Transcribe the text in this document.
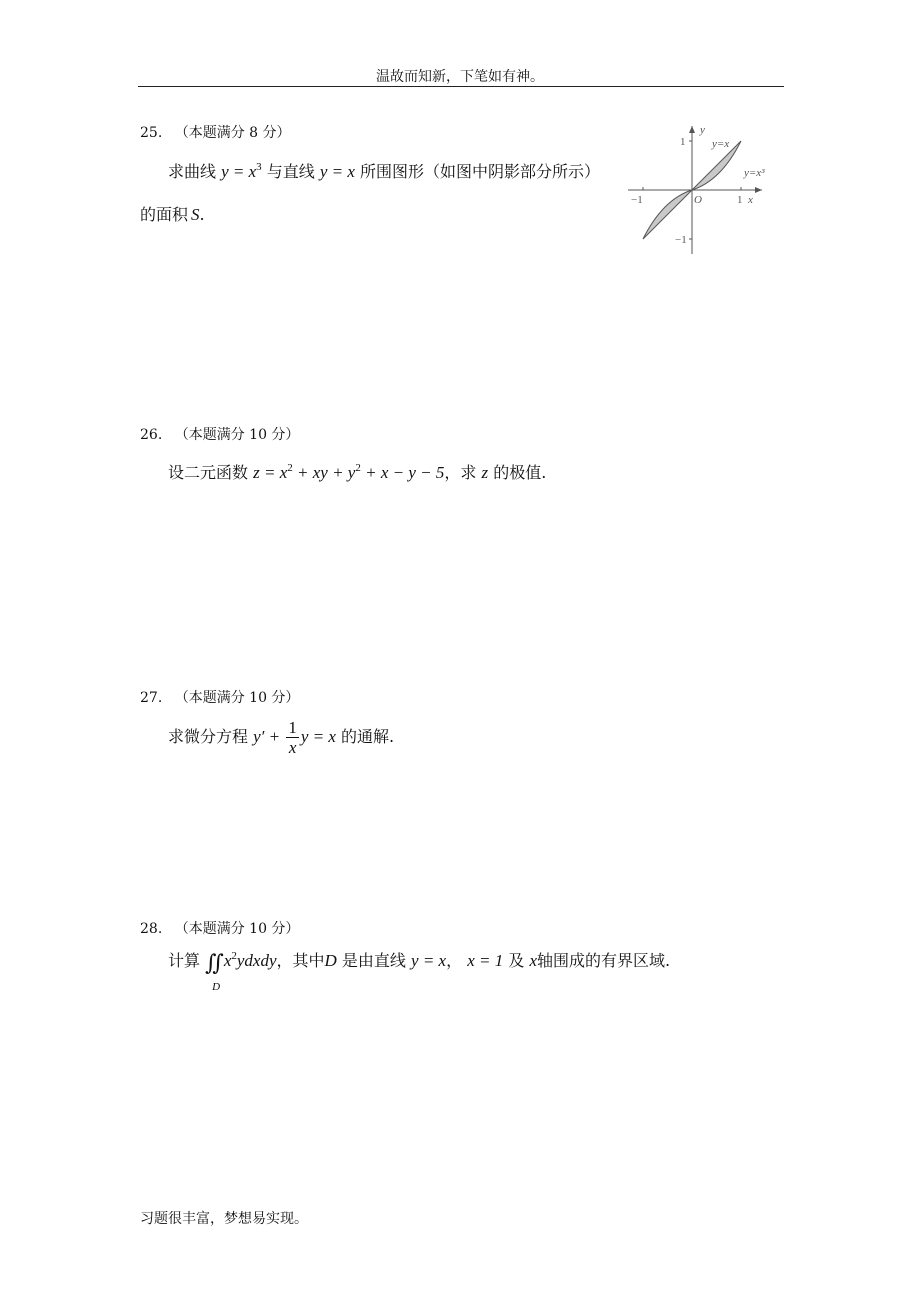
温故而知新，下笔如有神。
25. （本题满分 8 分）
求曲线 $y = x^3$ 与直线 y = x 所围图形（如图中阴影部分所示）
的面积 S.
y
x
O
−1	1
1
−1
y=x
y=x³
26. （本题满分 10 分）
设二元函数 $z = x^2$ + xy + $y^2 + x - y - 5$，求 z 的极值.
27. （本题满分 10 分）
求微分方程 $y' + \frac{1}{x}$ y = x 的通解.
28. （本题满分 10 分）
计算 ∬
D
$x^2ydxdy$，其中D 是由直线 y = x， x = 1 及 x轴围成的有界区域.
习题很丰富，梦想易实现。
